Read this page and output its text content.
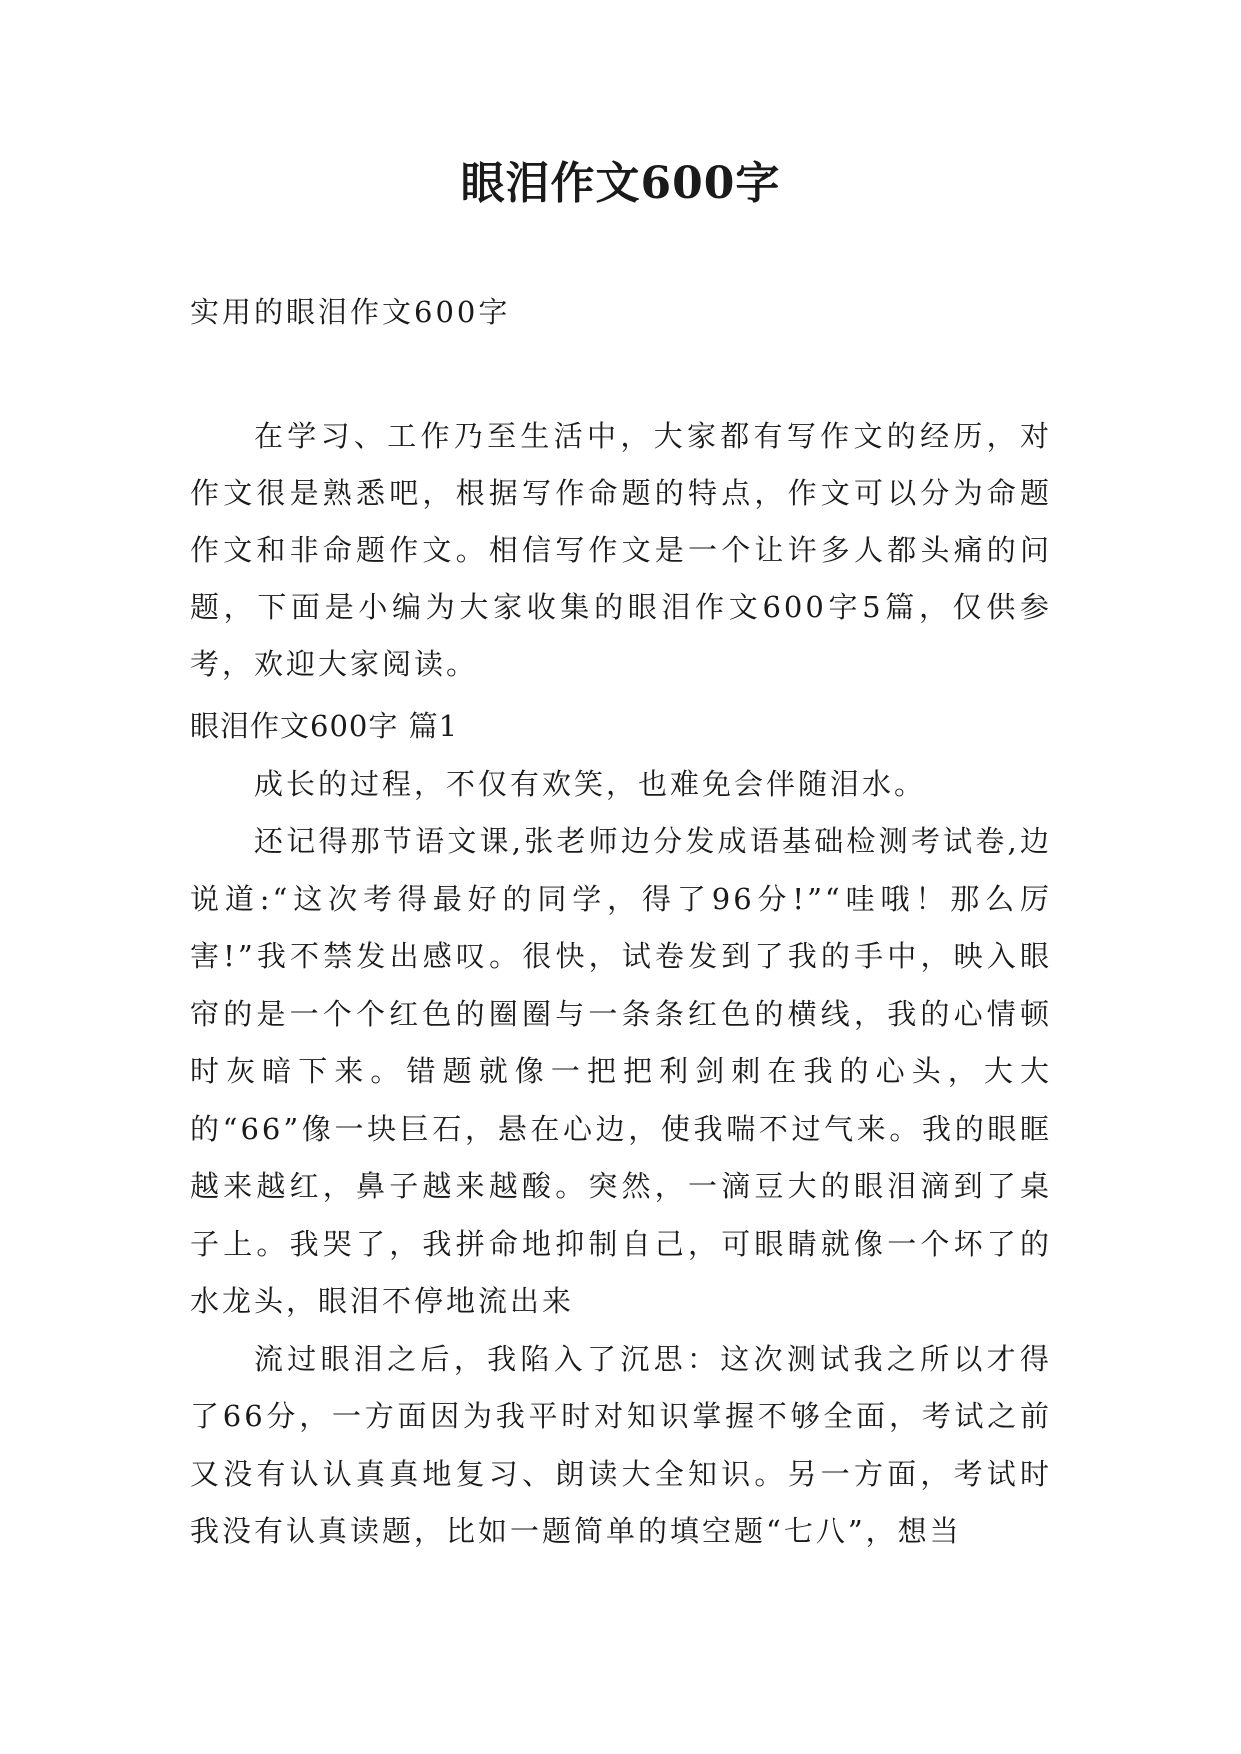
眼泪作文600字
实用的眼泪作文600字

在学习、工作乃至生活中，大家都有写作文的经历，对作文很是熟悉吧，根据写作命题的特点，作文可以分为命题作文和非命题作文。相信写作文是一个让许多人都头痛的问题，下面是小编为大家收集的眼泪作文600字5篇，仅供参考，欢迎大家阅读。

眼泪作文600字 篇1

成长的过程，不仅有欢笑，也难免会伴随泪水。

还记得那节语文课,张老师边分发成语基础检测考试卷,边说道:“这次考得最好的同学，得了96分!”“哇哦！那么厉害!”我不禁发出感叹。很快，试卷发到了我的手中，映入眼帘的是一个个红色的圈圈与一条条红色的横线，我的心情顿时灰暗下来。错题就像一把把利剑刺在我的心头，大大的“66”像一块巨石，悬在心边，使我喘不过气来。我的眼眶越来越红，鼻子越来越酸。突然，一滴豆大的眼泪滴到了桌子上。我哭了，我拼命地抑制自己，可眼睛就像一个坏了的水龙头，眼泪不停地流出来

流过眼泪之后，我陷入了沉思：这次测试我之所以才得了66分，一方面因为我平时对知识掌握不够全面，考试之前又没有认认真真地复习、朗读大全知识。另一方面，考试时我没有认真读题，比如一题简单的填空题“七八”，想当
